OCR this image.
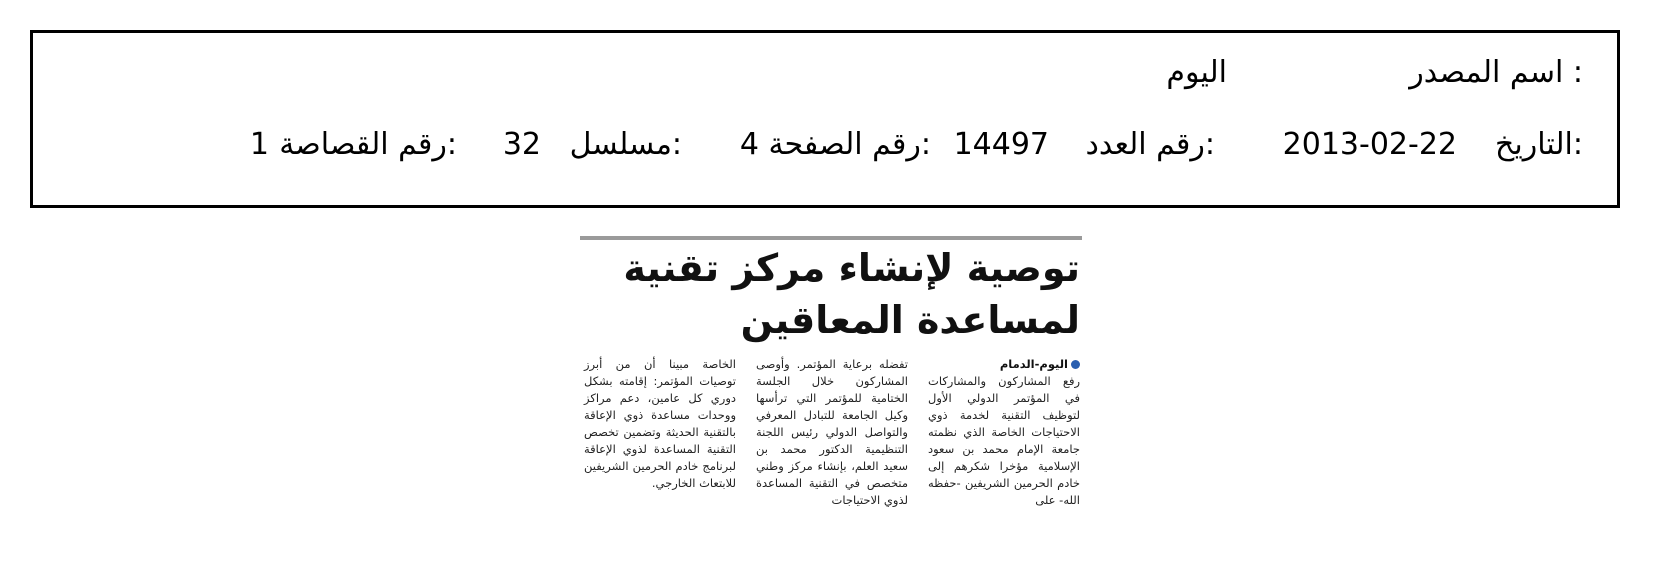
اسم المصدر :
اليوم
التاريخ:
2013-02-22
رقم العدد:
14497
رقم الصفحة:
4
مسلسل:
32
رقم القصاصة:
1
توصية لإنشاء مركز تقنية
لمساعدة المعاقين

اليوم-الدمام

رفع المشاركون والمشاركات في المؤتمر الدولي الأول لتوظيف التقنية لخدمة ذوي الاحتياجات الخاصة الذي نظمته جامعة الإمام محمد بن سعود الإسلامية مؤخرا شكرهم إلى خادم الحرمين الشريفين -حفظه الله- على

تفضله برعاية المؤتمر. وأوصى المشاركون خلال الجلسة الختامية للمؤتمر التي ترأسها وكيل الجامعة للتبادل المعرفي والتواصل الدولي رئيس اللجنة التنظيمية الدكتور محمد بن سعيد العلم، بإنشاء مركز وطني متخصص في التقنية المساعدة لذوي الاحتياجات

الخاصة مبينا أن من أبرز توصيات المؤتمر: إقامته بشكل دوري كل عامين، دعم مراكز ووحدات مساعدة ذوي الإعاقة بالتقنية الحديثة وتضمين تخصص التقنية المساعدة لذوي الإعاقة لبرنامج خادم الحرمين الشريفين للابتعاث الخارجي.
